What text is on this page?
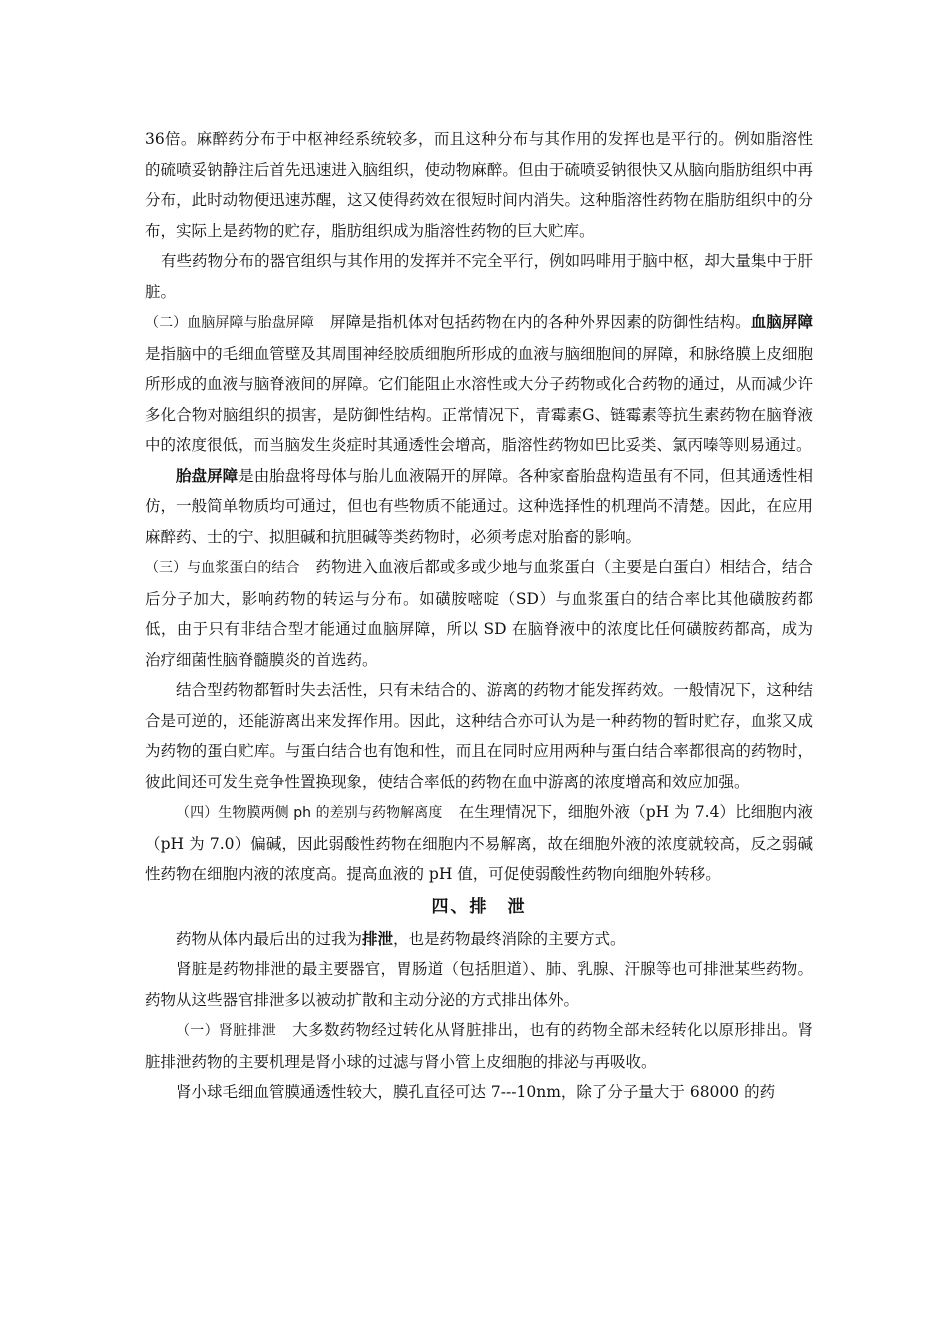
36倍。麻醉药分布于中枢神经系统较多，而且这种分布与其作用的发挥也是平行的。例如脂溶性的硫喷妥钠静注后首先迅速进入脑组织，使动物麻醉。但由于硫喷妥钠很快又从脑向脂肪组织中再分布，此时动物便迅速苏醒，这又使得药效在很短时间内消失。这种脂溶性药物在脂肪组织中的分布，实际上是药物的贮存，脂肪组织成为脂溶性药物的巨大贮库。

有些药物分布的器官组织与其作用的发挥并不完全平行，例如吗啡用于脑中枢，却大量集中于肝脏。

（二）血脑屏障与胎盘屏障 屏障是指机体对包括药物在内的各种外界因素的防御性结构。血脑屏障是指脑中的毛细血管壁及其周围神经胶质细胞所形成的血液与脑细胞间的屏障，和脉络膜上皮细胞所形成的血液与脑脊液间的屏障。它们能阻止水溶性或大分子药物或化合药物的通过，从而减少许多化合物对脑组织的损害，是防御性结构。正常情况下，青霉素G、链霉素等抗生素药物在脑脊液中的浓度很低，而当脑发生炎症时其通透性会增高，脂溶性药物如巴比妥类、氯丙嗪等则易通过。

胎盘屏障是由胎盘将母体与胎儿血液隔开的屏障。各种家畜胎盘构造虽有不同，但其通透性相仿，一般简单物质均可通过，但也有些物质不能通过。这种选择性的机理尚不清楚。因此，在应用麻醉药、士的宁、拟胆碱和抗胆碱等类药物时，必须考虑对胎畜的影响。

（三）与血浆蛋白的结合 药物进入血液后都或多或少地与血浆蛋白（主要是白蛋白）相结合，结合后分子加大，影响药物的转运与分布。如磺胺嘧啶（SD）与血浆蛋白的结合率比其他磺胺药都低，由于只有非结合型才能通过血脑屏障，所以 SD 在脑脊液中的浓度比任何磺胺药都高，成为治疗细菌性脑脊髓膜炎的首选药。

结合型药物都暂时失去活性，只有未结合的、游离的药物才能发挥药效。一般情况下，这种结合是可逆的，还能游离出来发挥作用。因此，这种结合亦可认为是一种药物的暂时贮存，血浆又成为药物的蛋白贮库。与蛋白结合也有饱和性，而且在同时应用两种与蛋白结合率都很高的药物时，彼此间还可发生竞争性置换现象，使结合率低的药物在血中游离的浓度增高和效应加强。

（四）生物膜两侧 ph 的差别与药物解离度 在生理情况下，细胞外液（pH 为 7.4）比细胞内液（pH 为 7.0）偏碱，因此弱酸性药物在细胞内不易解离，故在细胞外液的浓度就较高，反之弱碱性药物在细胞内液的浓度高。提高血液的 pH 值，可促使弱酸性药物向细胞外转移。

四、排　泄

药物从体内最后出的过我为排泄，也是药物最终消除的主要方式。

肾脏是药物排泄的最主要器官，胃肠道（包括胆道）、肺、乳腺、汗腺等也可排泄某些药物。药物从这些器官排泄多以被动扩散和主动分泌的方式排出体外。

（一）肾脏排泄 大多数药物经过转化从肾脏排出，也有的药物全部未经转化以原形排出。肾脏排泄药物的主要机理是肾小球的过滤与肾小管上皮细胞的排泌与再吸收。

肾小球毛细血管膜通透性较大，膜孔直径可达 7---10nm，除了分子量大于 68000 的药
